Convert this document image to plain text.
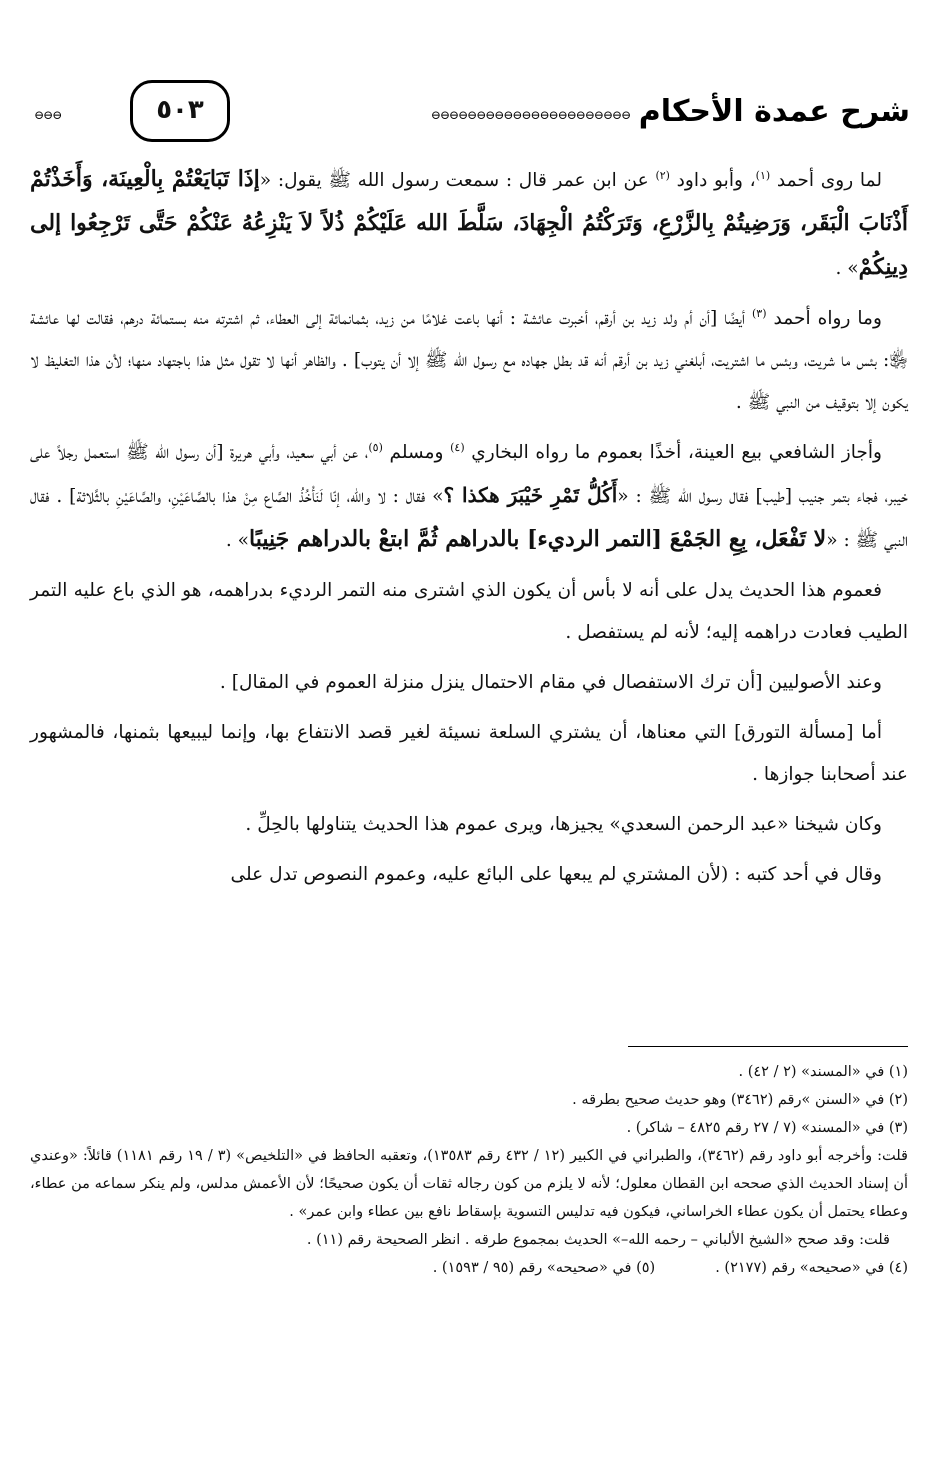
شرح عمدة الأحكام
⊖⊖⊖⊖⊖⊖⊖⊖⊖⊖⊖⊖⊖⊖⊖⊖⊖⊖⊖⊖⊖⊖
٥٠٣
⊖⊖⊖

لما روى أحمد $^{(١)}$، وأبو داود $^{(٢)}$ عن ابن عمر قال : سمعت رسول الله ﷺ يقول: «إذَا تَبَايَعْتُمْ بِالْعِينَة، وَأَخَذْتُمْ أَذْنَابَ الْبَقَر، وَرَضِيتُمْ بِالزَّرْعِ، وَتَرَكْتُمُ الْجِهَادَ، سَلَّطَ الله عَلَيْكُمْ ذُلاً لاَ يَنْزِعُهُ عَنْكُمْ حَتَّى تَرْجِعُوا إلى دِينِكُمْ» .

وما رواه أحمد $^{(٣)}$ أيضًا [أن أم ولد زيد بن أرقم، أخبرت عائشة : أنها باعت غلامًا من زيد، بثمانمائة إلى العطاء، ثم اشترته منه بستمائة درهم، فقالت لها عائشة ﵂: بئس ما شريت، وبئس ما اشتريت، أبلغني زيد بن أرقم أنه قد بطل جهاده مع رسول الله ﷺ إلا أن يتوب] . والظاهر أنها لا تقول مثل هذا باجتهاد منها؛ لأن هذا التغليظ لا يكون إلا بتوقيف من النبي ﷺ .

وأجاز الشافعي بيع العينة، أخذًا بعموم ما رواه البخاري $^{(٤)}$ ومسلم $^{(٥)}$، عن أبي سعيد، وأبي هريرة [أن رسول الله ﷺ استعمل رجلاً على خيبر، فجاء بتمر جنيب [طيب] فقال رسول الله ﷺ : «أَكُلُّ تَمْرِ خَيْبَرَ هكذا ؟» فقال : لا والله، إنّا لَنَأْخُذُ الصَّاع مِنْ هذا بالصَّاعَيْنِ، والصَّاعَيْنِ بالثَّلاثة] . فقال النبي ﷺ : «لا تَفْعَل، بِعِ الجَمْعَ [التمر الرديء] بالدراهم ثُمَّ ابتعْ بالدراهم جَنِيبًا» .

فعموم هذا الحديث يدل على أنه لا بأس أن يكون الذي اشترى منه التمر الرديء بدراهمه، هو الذي باع عليه التمر الطيب فعادت دراهمه إليه؛ لأنه لم يستفصل .

وعند الأصوليين [أن ترك الاستفصال في مقام الاحتمال ينزل منزلة العموم في المقال] .

أما [مسألة التورق] التي معناها، أن يشتري السلعة نسيئة لغير قصد الانتفاع بها، وإنما ليبيعها بثمنها، فالمشهور عند أصحابنا جوازها .

وكان شيخنا «عبد الرحمن السعدي» يجيزها، ويرى عموم هذا الحديث يتناولها بالحِلِّ .

وقال في أحد كتبه : (لأن المشتري لم يبعها على البائع عليه، وعموم النصوص تدل على

(١) في «المسند» (٢ / ٤٢) .

(٢) في «السنن »رقم (٣٤٦٢) وهو حديث صحيح بطرقه .

(٣) في «المسند» (٧ / ٢٧ رقم ٤٨٢٥ – شاكر) .

قلت: وأخرجه أبو داود رقم (٣٤٦٢)، والطبراني في الكبير (١٢ / ٤٣٢ رقم ١٣٥٨٣)، وتعقبه الحافظ في «التلخيص» (٣ / ١٩ رقم ١١٨١) قائلاً: «وعندي أن إسناد الحديث الذي صححه ابن القطان معلول؛ لأنه لا يلزم من كون رجاله ثقات أن يكون صحيحًا؛ لأن الأعمش مدلس، ولم ينكر سماعه من عطاء، وعطاء يحتمل أن يكون عطاء الخراساني، فيكون فيه تدليس التسوية بإسقاط نافع بين عطاء وابن عمر» .

قلت: وقد صحح «الشيخ الألباني – رحمه الله–» الحديث بمجموع طرقه . انظر الصحيحة رقم (١١) .

(٤) في «صحيحه» رقم (٢١٧٧) .
(٥) في «صحيحه» رقم (٩٥ / ١٥٩٣) .
